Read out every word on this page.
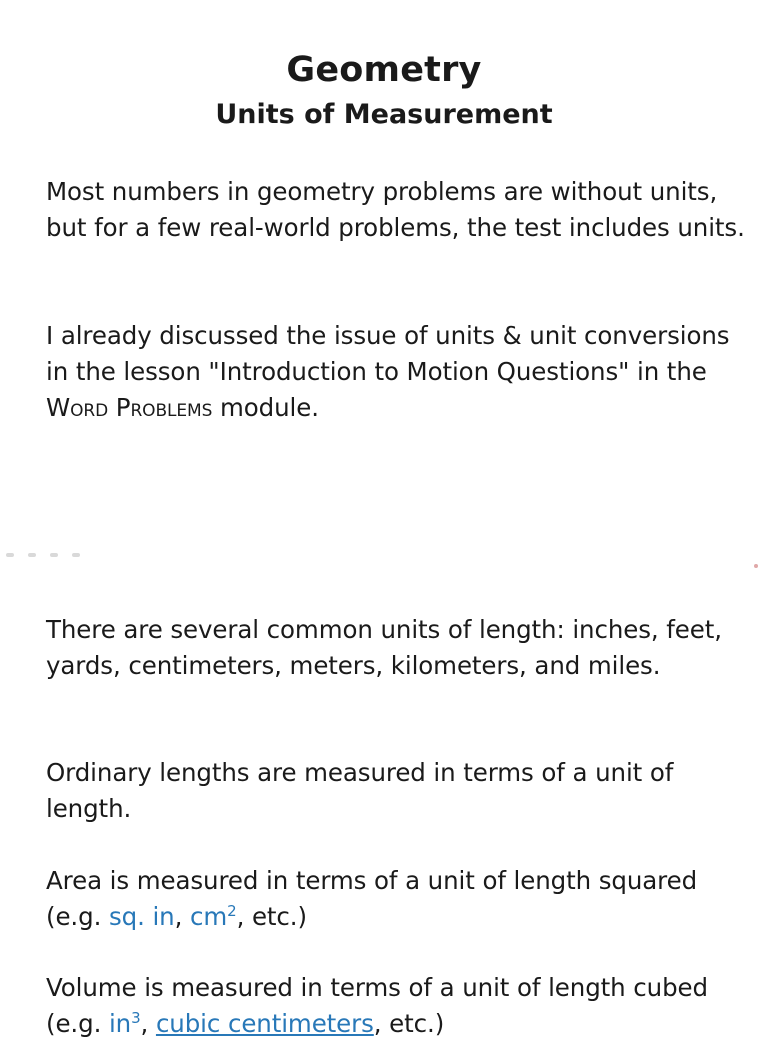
Geometry
Units of Measurement

Most numbers in geometry problems are without units, but for a few real-world problems, the test includes units.

I already discussed the issue of units & unit conversions in the lesson "Introduction to Motion Questions" in the Word Problems module.

There are several common units of length: inches, feet, yards, centimeters, meters, kilometers, and miles.

Ordinary lengths are measured in terms of a unit of length.

Area is measured in terms of a unit of length squared (e.g. sq. in, $cm^2$, etc.)

Volume is measured in terms of a unit of length cubed (e.g. $in^3$, cubic centimeters, etc.)
